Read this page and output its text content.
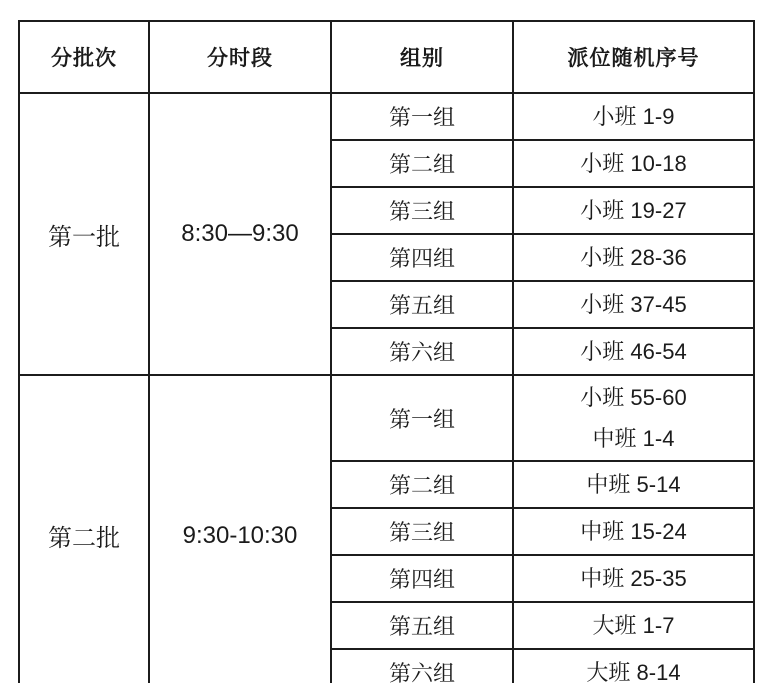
分批次	分时段	组别	派位随机序号
第一批	8:30—9:30	第一组	小班 1-9

		第二组	小班 10-18

		第三组	小班 19-27

		第四组	小班 28-36

		第五组	小班 37-45

		第六组	小班 46-54

第二批	9:30-10:30	第一组	小班 55-60
中班 1-4

		第二组	中班 5-14

		第三组	中班 15-24

		第四组	中班 25-35

		第五组	大班 1-7

		第六组	大班 8-14
